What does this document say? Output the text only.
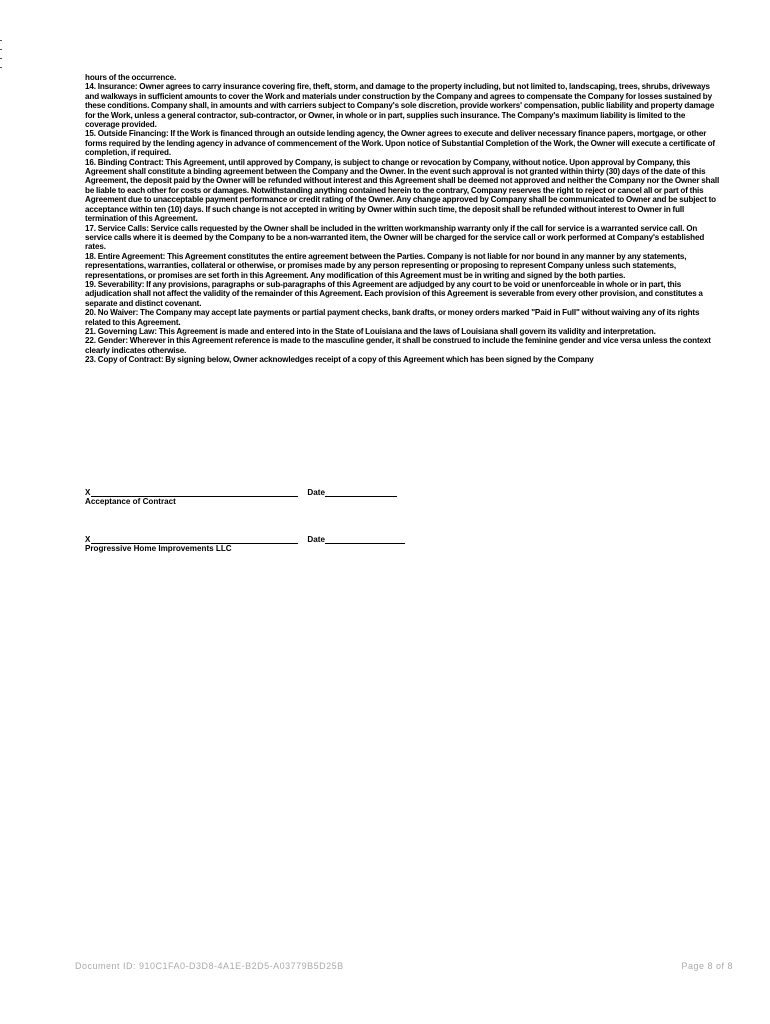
hours of the occurrence.

14. Insurance: Owner agrees to carry insurance covering fire, theft, storm, and damage to the property including, but not limited to, landscaping, trees, shrubs, driveways and walkways in sufficient amounts to cover the Work and materials under construction by the Company and agrees to compensate the Company for losses sustained by these conditions. Company shall, in amounts and with carriers subject to Company's sole discretion, provide workers' compensation, public liability and property damage for the Work, unless a general contractor, sub-contractor, or Owner, in whole or in part, supplies such insurance. The Company's maximum liability is limited to the coverage provided.

15. Outside Financing: If the Work is financed through an outside lending agency, the Owner agrees to execute and deliver necessary finance papers, mortgage, or other forms required by the lending agency in advance of commencement of the Work. Upon notice of Substantial Completion of the Work, the Owner will execute a certificate of completion, if required.

16. Binding Contract: This Agreement, until approved by Company, is subject to change or revocation by Company, without notice. Upon approval by Company, this Agreement shall constitute a binding agreement between the Company and the Owner. In the event such approval is not granted within thirty (30) days of the date of this Agreement, the deposit paid by the Owner will be refunded without interest and this Agreement shall be deemed not approved and neither the Company nor the Owner shall be liable to each other for costs or damages. Notwithstanding anything contained herein to the contrary, Company reserves the right to reject or cancel all or part of this Agreement due to unacceptable payment performance or credit rating of the Owner. Any change approved by Company shall be communicated to Owner and be subject to acceptance within ten (10) days. If such change is not accepted in writing by Owner within such time, the deposit shall be refunded without interest to Owner in full termination of this Agreement.

17. Service Calls: Service calls requested by the Owner shall be included in the written workmanship warranty only if the call for service is a warranted service call. On service calls where it is deemed by the Company to be a non-warranted item, the Owner will be charged for the service call or work performed at Company's established rates.

18. Entire Agreement: This Agreement constitutes the entire agreement between the Parties. Company is not liable for nor bound in any manner by any statements, representations, warranties, collateral or otherwise, or promises made by any person representing or proposing to represent Company unless such statements, representations, or promises are set forth in this Agreement. Any modification of this Agreement must be in writing and signed by the both parties.

19. Severability: If any provisions, paragraphs or sub-paragraphs of this Agreement are adjudged by any court to be void or unenforceable in whole or in part, this adjudication shall not affect the validity of the remainder of this Agreement. Each provision of this Agreement is severable from every other provision, and constitutes a separate and distinct covenant.

20. No Waiver: The Company may accept late payments or partial payment checks, bank drafts, or money orders marked "Paid in Full" without waiving any of its rights related to this Agreement.

21. Governing Law: This Agreement is made and entered into in the State of Louisiana and the laws of Louisiana shall govern its validity and interpretation.

22. Gender: Wherever in this Agreement reference is made to the masculine gender, it shall be construed to include the feminine gender and vice versa unless the context clearly indicates otherwise.

23. Copy of Contract: By signing below, Owner acknowledges receipt of a copy of this Agreement which has been signed by the Company

X	Date
Acceptance of Contract
X	Date
Progressive Home Improvements LLC
Document ID: 910C1FA0-D3D8-4A1E-B2D5-A03779B5D25B	Page 8 of 8
